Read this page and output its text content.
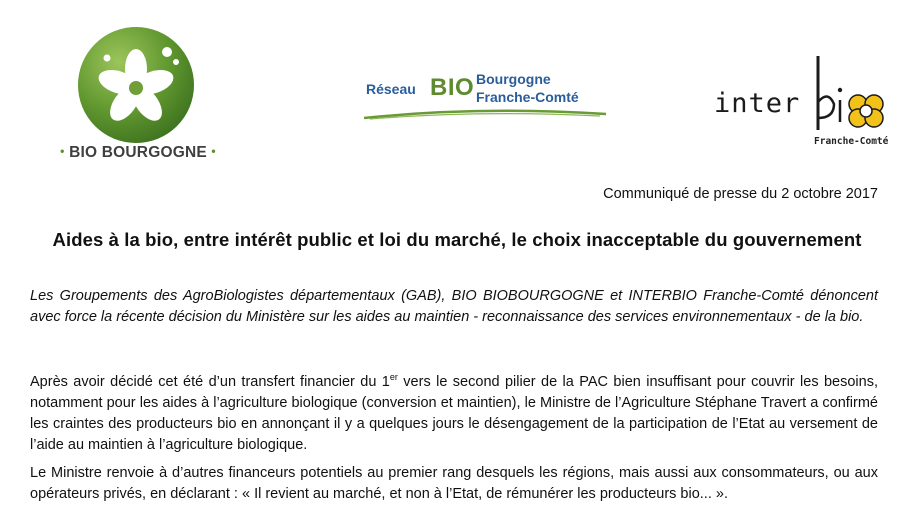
• BIO BOURGOGNE •
Réseau BIO Bourgogne
Franche-Comté	inter
Franche-Comté
Communiqué de presse du 2 octobre 2017
Aides à la bio, entre intérêt public et loi du marché, le choix inacceptable du gouvernement

Les Groupements des AgroBiologistes départementaux (GAB), BIO BIOBOURGOGNE et INTERBIO Franche-Comté dénoncent avec force la récente décision du Ministère sur les aides au maintien - reconnaissance des services environnementaux - de la bio.

Après avoir décidé cet été d’un transfert financier du 1er vers le second pilier de la PAC bien insuffisant pour couvrir les besoins, notamment pour les aides à l’agriculture biologique (conversion et maintien), le Ministre de l’Agriculture Stéphane Travert a confirmé les craintes des producteurs bio en annonçant il y a quelques jours le désengagement de la participation de l’Etat au versement de l’aide au maintien à l’agriculture biologique.

Le Ministre renvoie à d’autres financeurs potentiels au premier rang desquels les régions, mais aussi aux consommateurs, ou aux opérateurs privés, en déclarant : « Il revient au marché, et non à l’Etat, de rémunérer les producteurs bio... ».
